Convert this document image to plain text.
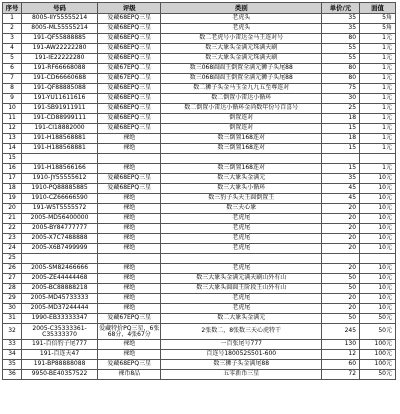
序号	号码	评级	类别	单价/元	面值
1	8005-IIY55555214	爱藏68EPQ三星	老虎头	35	5角
2	8005-ML55555214	爱藏68EPQ三星	老虎头	35	5角
3	191-QF55888885	爱藏68EPQ三星	数二老虎号小雷达金马王连对号	80	1元
4	191-AW22222280	爱藏68EPQ三星	数三大象头金满元珠满天刷	55	1元
5	191-IE22222280	爱藏68EPQ三星	数三大象头金满元珠满天刷	55	1元
6	191-RF66668088	爱藏67EPQ二星	数三068圆圆王倒置全满元狮子头尾88	80	1元
7	191-CD66660688	爱藏67EPQ二星	数三068圆圆王倒置全满元狮子头尾88	80	1元
8	191-QF88885088	爱藏68EPQ三星	数二狮子头金马玉金九九五至尊连对	75	1元
9	191-YU11611616	爱藏68EPQ三星	数二倒置小雷达小循环	30	1元
10	191-SB91911911	爱藏68EPQ三星	数二倒置小雷达小循环金尚数年份号百喜号	25	1元
11	191-CD88999111	爱藏68EPQ三星	倒置连对	18	1元
12	191-CI18882000	爱藏68EPQ三星	倒置连对	15	1元
13	191-H188568881	裸绝	数三倒置168连对	18	1元
14	191-H188568881	裸绝	数三倒置168连对	15	1元
15					
16	191-H188566166	裸绝	数三倒置168连对	15	1元
17	1910-JY55555612	爱藏68EPQ三星	数三大象头金满元	35	10元
18	1910-PQ88885885	爱藏68EPQ三星	数三大象头小循环	45	10元
19	1910-CZ66666590	裸绝	数三豹子头天王圆倒置王	45	10元
20	191-W5T5555572	裸绝	数三天心象	20	10元
21	2005-MD56400000	裸绝	老虎尾	20	10元
22	2005-BY84777777	裸绝	老虎尾	20	10元
23	2005-X7C7488888	裸绝	老虎尾	20	10元
24	2005-X6B7499999	裸绝	老虎尾	20	10元
25					
26	2005-SM82466666	裸绝	老虎尾	20	10元
27	2005-ZE44444468	裸绝	数三大象头金满元满天刷山外有山	50	10元
28	2005-BC88888218	裸绝	数三大象头圆圆王阶段王山外有山	50	10元
29	2005-MD45733333	裸绝	老虎尾	20	10元
30	2005-MD37244444	裸绝	老虎尾	20	10元
31	1990-EB33333347	爱藏67EPQ三星	数二大象头金满元	50	50元
32	2005-C35333361-C35333370	爱藏特价PQ三星，6张68分，4张67分	2张数二，8张数三天心虎特干	245	50元
33	191-百倍豹子尾777	裸绝	一百张尾号777	130	100元
34	191-百连天47	裸绝	百连号180052S501-600	12	100元
35	191-BP88888088	爱藏68EPQ三星	数三狮子头金满尾88	60	100元
36	9950-BE40357522	裸币8品	五零新币三星	72	50元
